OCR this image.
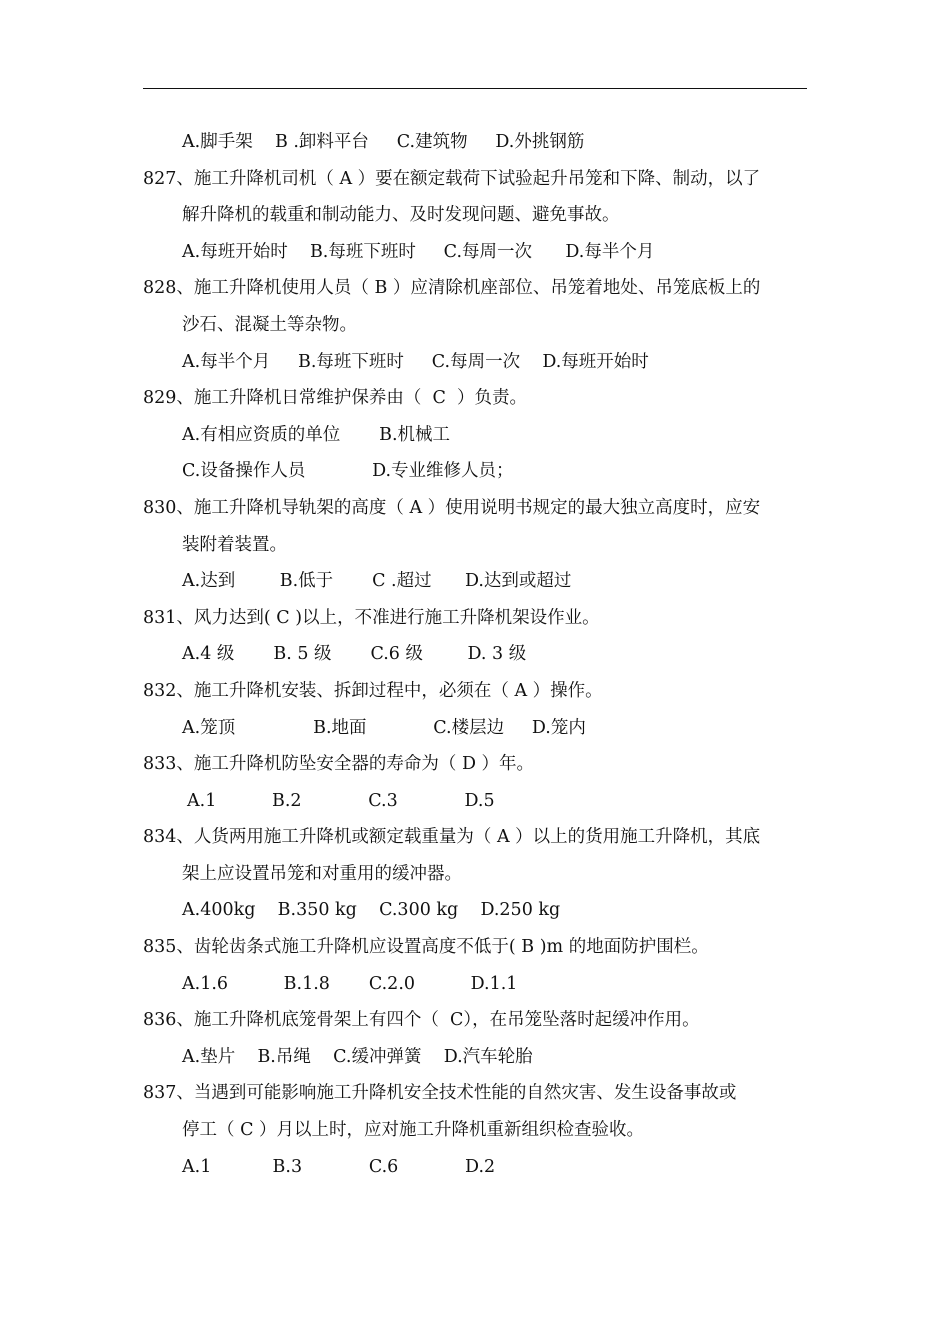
A.脚手架    B .卸料平台     C.建筑物     D.外挑钢筋
827、施工升降机司机（ A ）要在额定载荷下试验起升吊笼和下降、制动，以了
解升降机的载重和制动能力、及时发现问题、避免事故。
A.每班开始时    B.每班下班时     C.每周一次      D.每半个月
828、施工升降机使用人员（ B ）应清除机座部位、吊笼着地处、吊笼底板上的
沙石、混凝土等杂物。
A.每半个月     B.每班下班时     C.每周一次    D.每班开始时
829、施工升降机日常维护保养由（  C  ）负责。
A.有相应资质的单位       B.机械工
C.设备操作人员            D.专业维修人员；
830、施工升降机导轨架的高度（ A ）使用说明书规定的最大独立高度时，应安
装附着装置。
A.达到        B.低于       C .超过      D.达到或超过
831、风力达到( C )以上，不准进行施工升降机架设作业。
A.4 级       B. 5 级       C.6 级        D. 3 级
832、施工升降机安装、拆卸过程中，必须在（ A ）操作。
A.笼顶              B.地面            C.楼层边     D.笼内
833、施工升降机防坠安全器的寿命为（ D ）年。
A.1          B.2            C.3            D.5
834、人货两用施工升降机或额定载重量为（ A ）以上的货用施工升降机，其底
架上应设置吊笼和对重用的缓冲器。
A.400kg    B.350 kg    C.300 kg    D.250 kg
835、齿轮齿条式施工升降机应设置高度不低于( B )m 的地面防护围栏。
A.1.6          B.1.8       C.2.0          D.1.1
836、施工升降机底笼骨架上有四个（  C），在吊笼坠落时起缓冲作用。
A.垫片    B.吊绳    C.缓冲弹簧    D.汽车轮胎
837、当遇到可能影响施工升降机安全技术性能的自然灾害、发生设备事故或
停工（ C ）月以上时，应对施工升降机重新组织检查验收。
A.1           B.3            C.6            D.2
